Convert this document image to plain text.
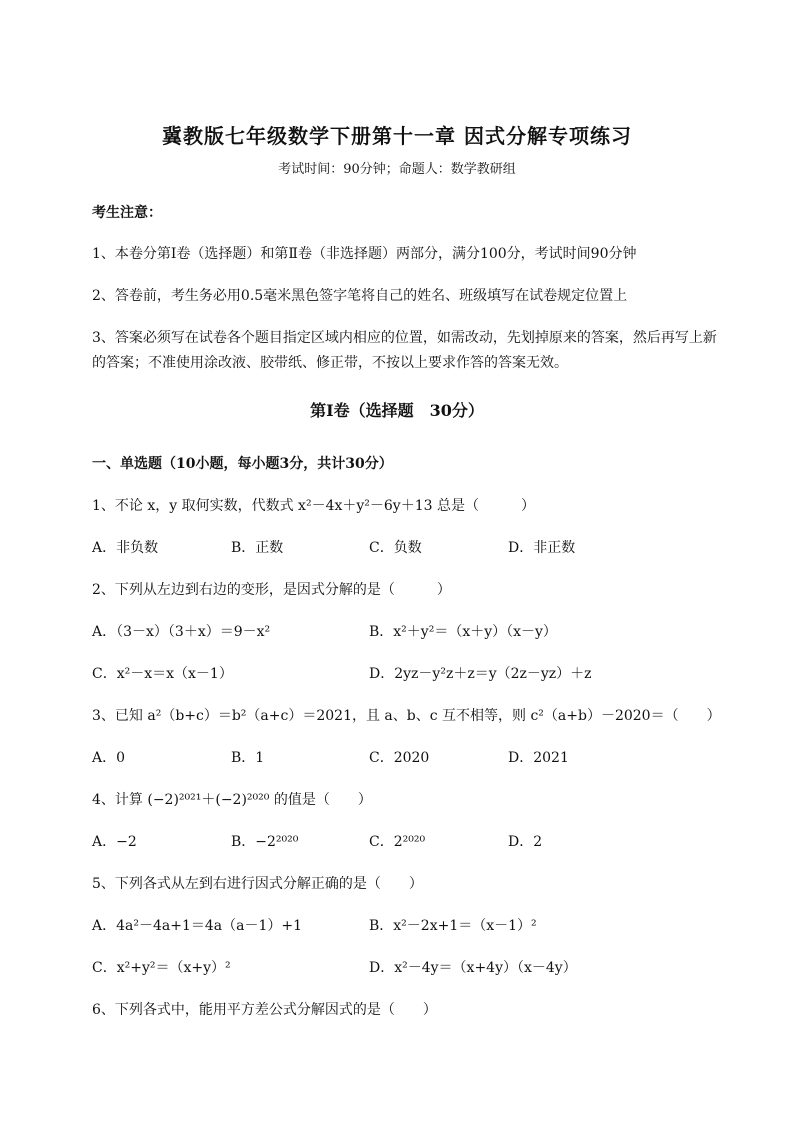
冀教版七年级数学下册第十一章 因式分解专项练习
考试时间：90分钟；命题人：数学教研组
考生注意：
1、本卷分第I卷（选择题）和第Ⅱ卷（非选择题）两部分，满分100分，考试时间90分钟
2、答卷前，考生务必用0.5毫米黑色签字笔将自己的姓名、班级填写在试卷规定位置上
3、答案必须写在试卷各个题目指定区域内相应的位置，如需改动，先划掉原来的答案，然后再写上新
的答案；不准使用涂改液、胶带纸、修正带，不按以上要求作答的答案无效。
第I卷（选择题　30分）
一、单选题（10小题，每小题3分，共计30分）
1、不论 x，y 取何实数，代数式 x²－4x＋y²－6y＋13 总是（　　　）
A．非负数	B．正数	C．负数	D．非正数
2、下列从左边到右边的变形，是因式分解的是（　　　）
A．（3－x）（3＋x）＝9－x²	B．x²＋y²＝（x＋y）（x－y）
C．x²－x＝x（x－1）	D．2yz－y²z＋z＝y（2z－yz）＋z
3、已知 a²（b+c）＝b²（a+c）＝2021，且 a、b、c 互不相等，则 c²（a+b）－2020＝（　　）
A．0	B．1	C．2020	D．2021
4、计算 (−2)²⁰²¹＋(−2)²⁰²⁰ 的值是（　　）
A．−2	B．−2²⁰²⁰	C．2²⁰²⁰	D．2
5、下列各式从左到右进行因式分解正确的是（　　）
A．4a²－4a+1＝4a（a－1）+1	B．x²－2x+1＝（x－1）²
C．x²+y²＝（x+y）²	D．x²－4y＝（x+4y）（x－4y）
6、下列各式中，能用平方差公式分解因式的是（　　）
